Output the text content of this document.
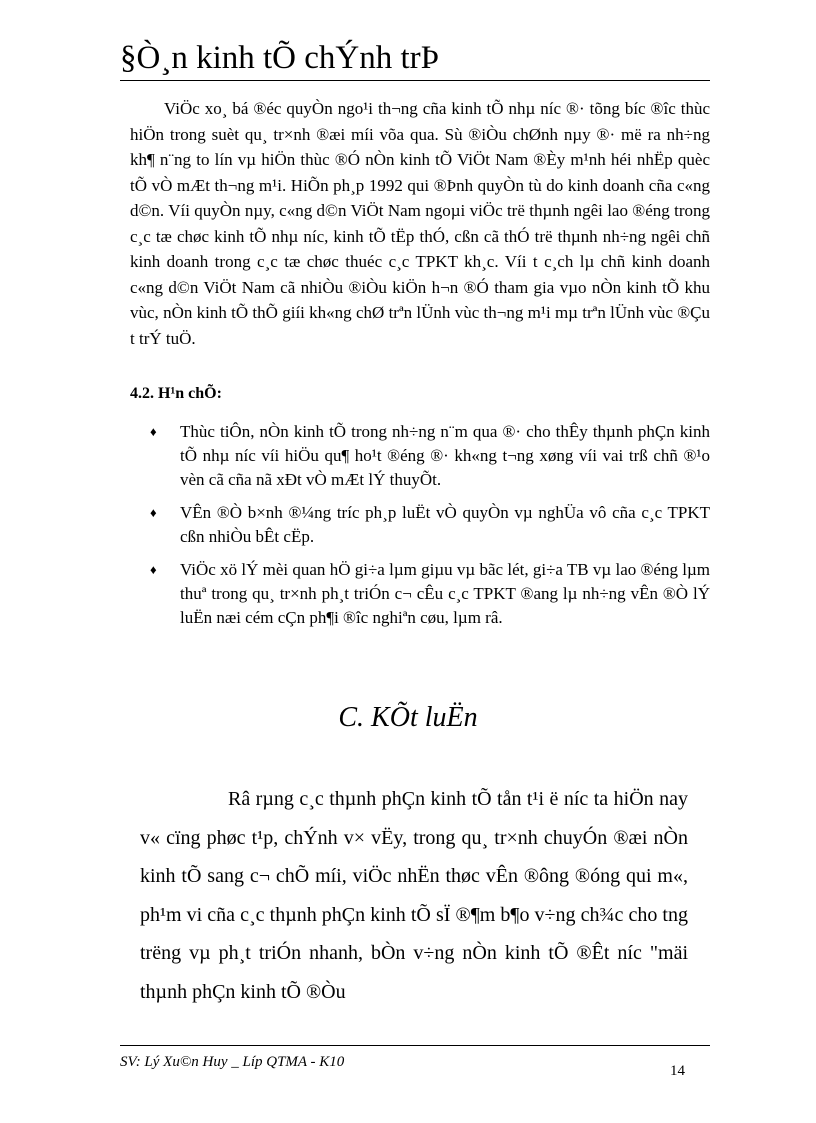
§Ò¸n kinh tÕ chÝnh trÞ

ViÖc xo¸ bá ®éc quyÒn ngo¹i th¬ng cña kinh tÕ nhµ níc ®· tõng bíc ®îc thùc hiÖn trong suèt qu¸ tr×nh ®æi míi võa qua. Sù ®iÒu chØnh nµy ®· më ra nh÷ng kh¶ n¨ng to lín vµ hiÖn thùc ®Ó nÒn kinh tÕ ViÖt Nam ®Èy m¹nh héi nhËp quèc tÕ vÒ mÆt th¬ng m¹i. HiÕn ph¸p 1992 qui ®Þnh quyÒn tù do kinh doanh cña c«ng d©n. Víi quyÒn nµy, c«ng d©n ViÖt Nam ngoµi viÖc trë thµnh ngêi lao ®éng trong c¸c tæ chøc kinh tÕ nhµ níc, kinh tÕ tËp thÓ, cßn cã thÓ trë thµnh nh÷ng ngêi chñ kinh doanh trong c¸c tæ chøc thuéc c¸c TPKT kh¸c. Víi t c¸ch lµ chñ kinh doanh c«ng d©n ViÖt Nam cã nhiÒu ®iÒu kiÖn h¬n ®Ó tham gia vµo nÒn kinh tÕ khu vùc, nÒn kinh tÕ thÕ giíi kh«ng chØ trªn lÜnh vùc th¬ng m¹i mµ trªn lÜnh vùc ®Çu t trÝ tuÖ.

4.2. H¹n chÕ:
♦ Thùc tiÔn, nÒn kinh tÕ trong nh÷ng n¨m qua ®· cho thÊy thµnh phÇn kinh tÕ nhµ níc víi hiÖu qu¶ ho¹t ®éng ®· kh«ng t¬ng xøng víi vai trß chñ ®¹o vèn cã cña nã xÐt vÒ mÆt lÝ thuyÕt.
♦ VÊn ®Ò b×nh ®¼ng tríc ph¸p luËt vÒ quyÒn vµ nghÜa vô cña c¸c TPKT cßn nhiÒu bÊt cËp.
♦ ViÖc xö lÝ mèi quan hÖ gi÷a lµm giµu vµ bãc lét, gi÷a TB vµ lao ®éng lµm thuª trong qu¸ tr×nh ph¸t triÓn c¬ cÊu c¸c TPKT ®ang lµ nh÷ng vÊn ®Ò lÝ luËn næi cém cÇn ph¶i ®îc nghiªn cøu, lµm râ.
C. KÕt luËn

Râ rµng c¸c thµnh phÇn kinh tÕ tån t¹i ë níc ta hiÖn nay v« cïng phøc t¹p, chÝnh v× vËy, trong qu¸ tr×nh chuyÓn ®æi nÒn kinh tÕ sang c¬ chÕ míi, viÖc nhËn thøc vÊn ®ông ®óng qui m«, ph¹m vi cña c¸c thµnh phÇn kinh tÕ sÏ ®¶m b¶o v÷ng ch¾c cho tng trëng vµ ph¸t triÓn nhanh, bÒn v÷ng nÒn kinh tÕ ®Êt níc "mäi thµnh phÇn kinh tÕ ®Òu

SV: Lý Xu©n Huy _ Líp QTMA - K10

14
